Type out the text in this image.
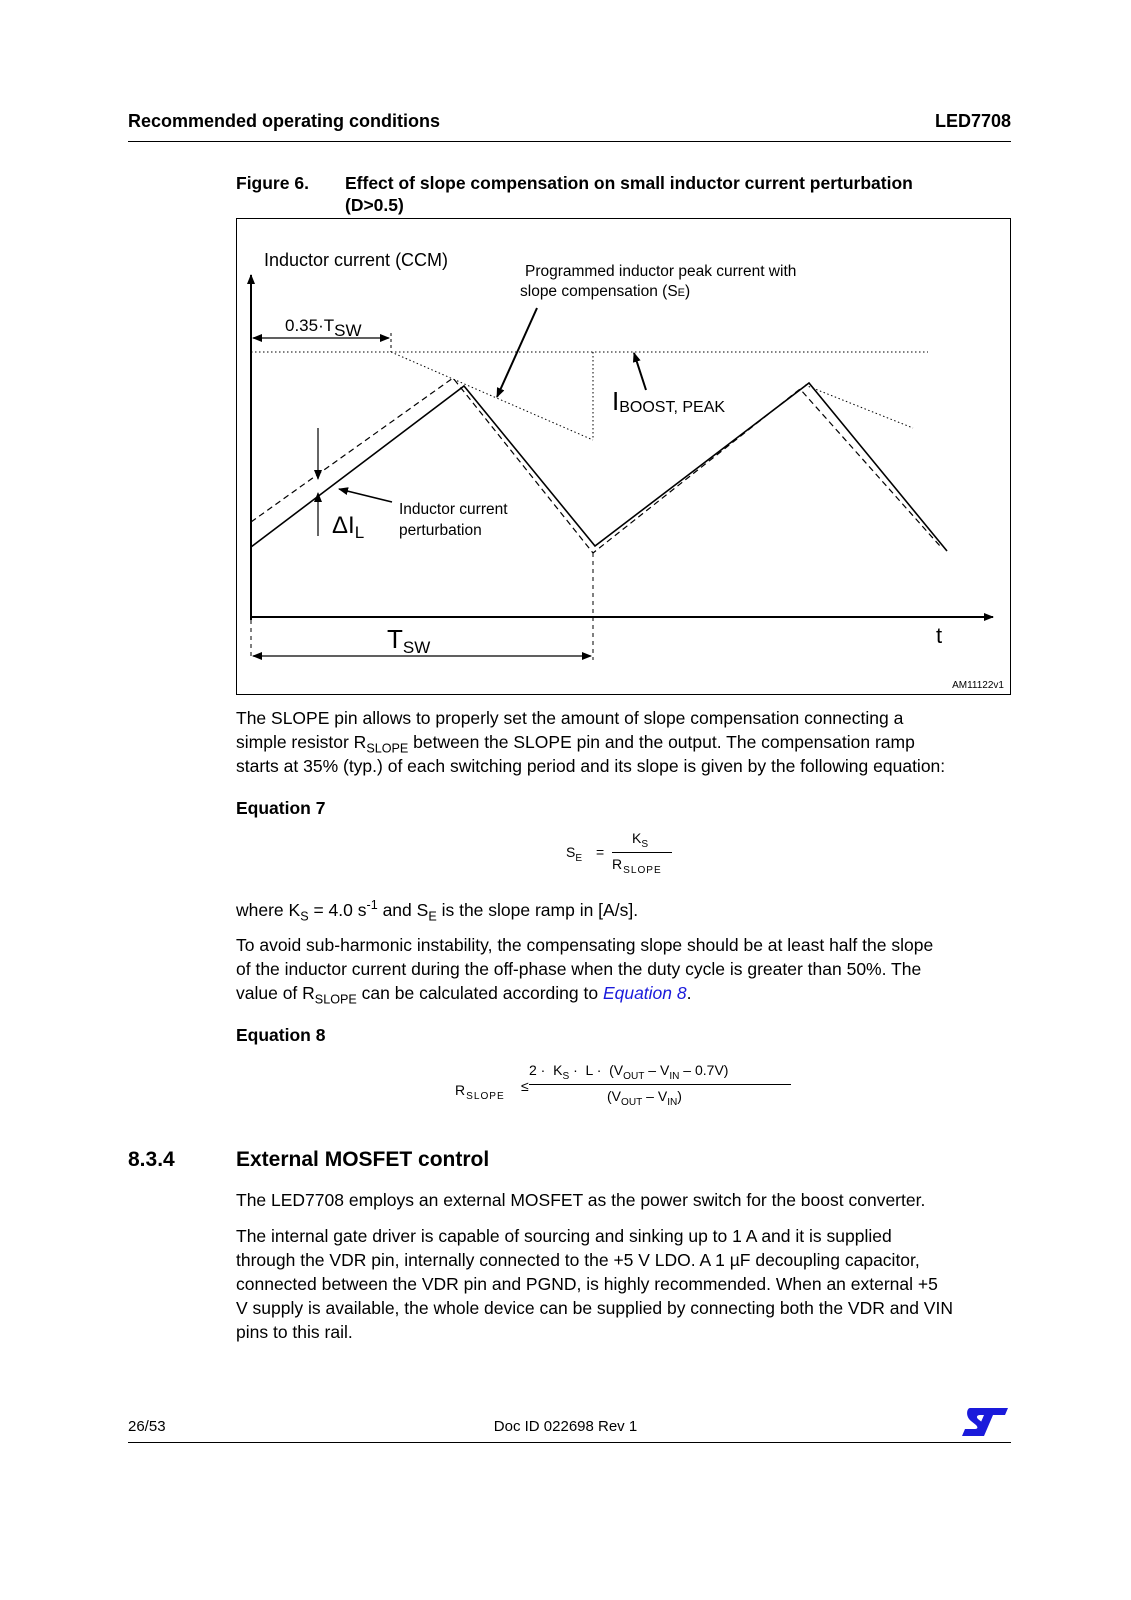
Recommended operating conditions	LED7708
Figure 6. Effect of slope compensation on small inductor current perturbation
(D>0.5)
Inductor current (CCM)
Programmed inductor peak current with
slope compensation (SE)
0.35·TSW
IBOOST, PEAK
$\Delta I_L$
Inductor current
perturbation
TSW	t
AM11122v1
The SLOPE pin allows to properly set the amount of slope compensation connecting a
simple resistor $R_{SLOPE}$ between the SLOPE pin and the output. The compensation ramp
starts at 35% (typ.) of each switching period and its slope is given by the following equation:
Equation 7
$S_E$ =
$K_S$
$R_{SLOPE}$
where $K_S = 4.0$ $s^{-1}$ and $S_E$ is the slope ramp in [A/s].
To avoid sub-harmonic instability, the compensating slope should be at least half the slope
of the inductor current during the off-phase when the duty cycle is greater than 50%. The
value of $R_{SLOPE}$ can be calculated according to Equation 8.
Equation 8
$R_{SLOPE}$
≤
$2 \cdot K_S \cdot L \cdot (V_{OUT} - V_{IN} - 0.7V)$
$(V_{OUT} - V_{IN})$
8.3.4	External MOSFET control
The LED7708 employs an external MOSFET as the power switch for the boost converter.
The internal gate driver is capable of sourcing and sinking up to 1 A and it is supplied
through the VDR pin, internally connected to the +5 V LDO. A 1 µF decoupling capacitor,
connected between the VDR pin and PGND, is highly recommended. When an external +5
V supply is available, the whole device can be supplied by connecting both the VDR and VIN
pins to this rail.
26/53	Doc ID 022698 Rev 1
